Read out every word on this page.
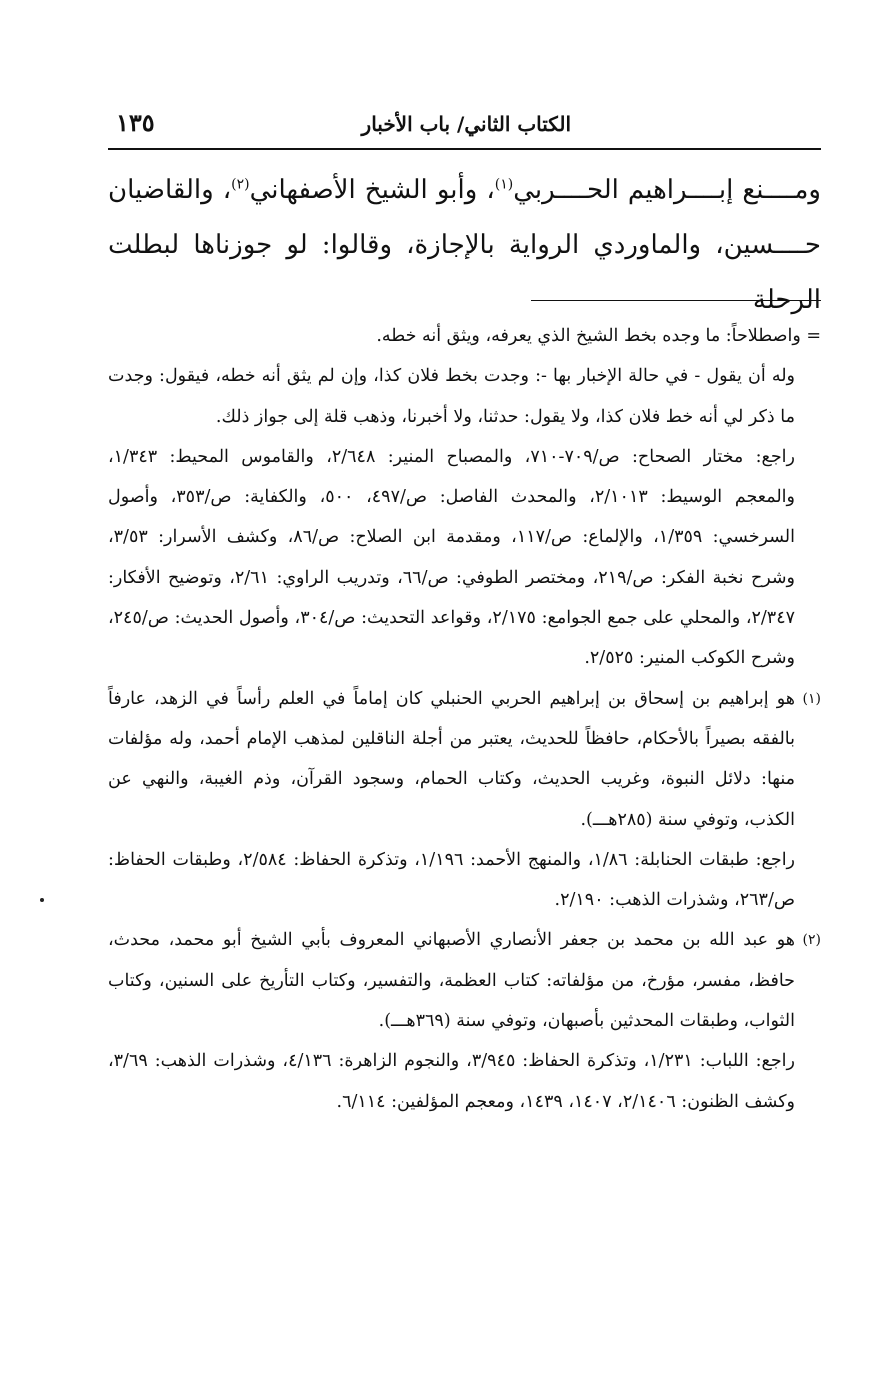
١٣٥	الكتاب الثاني/ باب الأخبار

ومــــنع إبــــراهيم الحــــربي$^{(١)}$، وأبو الشيخ الأصفهاني$^{(٢)}$، والقاضيان

حــــسين، والماوردي الرواية بالإجازة، وقالوا: لو جوزناها لبطلت الرحلة

= واصطلاحاً: ما وجده بخط الشيخ الذي يعرفه، ويثق أنه خطه.

وله أن يقول - في حالة الإخبار بها -: وجدت بخط فلان كذا، وإن لم يثق أنه خطه، فيقول: وجدت ما ذكر لي أنه خط فلان كذا، ولا يقول: حدثنا، ولا أخبرنا، وذهب قلة إلى جواز ذلك.

راجع: مختار الصحاح: ص/٧٠٩-٧١٠، والمصباح المنير: ٢/٦٤٨، والقاموس المحيط: ١/٣٤٣، والمعجم الوسيط: ٢/١٠١٣، والمحدث الفاصل: ص/٤٩٧، ٥٠٠، والكفاية: ص/٣٥٣، وأصول السرخسي: ١/٣٥٩، والإلماع: ص/١١٧، ومقدمة ابن الصلاح: ص/٨٦، وكشف الأسرار: ٣/٥٣، وشرح نخبة الفكر: ص/٢١٩، ومختصر الطوفي: ص/٦٦، وتدريب الراوي: ٢/٦١، وتوضيح الأفكار: ٢/٣٤٧، والمحلي على جمع الجوامع: ٢/١٧٥، وقواعد التحديث: ص/٣٠٤، وأصول الحديث: ص/٢٤٥، وشرح الكوكب المنير: ٢/٥٢٥.

(١)

هو إبراهيم بن إسحاق بن إبراهيم الحربي الحنبلي كان إماماً في العلم رأساً في الزهد، عارفاً بالفقه بصيراً بالأحكام، حافظاً للحديث، يعتبر من أجلة الناقلين لمذهب الإمام أحمد، وله مؤلفات منها: دلائل النبوة، وغريب الحديث، وكتاب الحمام، وسجود القرآن، وذم الغيبة، والنهي عن الكذب، وتوفي سنة (٢٨٥هـــ).

راجع: طبقات الحنابلة: ١/٨٦، والمنهج الأحمد: ١/١٩٦، وتذكرة الحفاظ: ٢/٥٨٤، وطبقات الحفاظ: ص/٢٦٣، وشذرات الذهب: ٢/١٩٠.

(٢)

هو عبد الله بن محمد بن جعفر الأنصاري الأصبهاني المعروف بأبي الشيخ أبو محمد، محدث، حافظ، مفسر، مؤرخ، من مؤلفاته: كتاب العظمة، والتفسير، وكتاب التأريخ على السنين، وكتاب الثواب، وطبقات المحدثين بأصبهان، وتوفي سنة (٣٦٩هـــ).

راجع: اللباب: ١/٢٣١، وتذكرة الحفاظ: ٣/٩٤٥، والنجوم الزاهرة: ٤/١٣٦، وشذرات الذهب: ٣/٦٩، وكشف الظنون: ٢/١٤٠٦، ١٤٠٧، ١٤٣٩، ومعجم المؤلفين: ٦/١١٤.
